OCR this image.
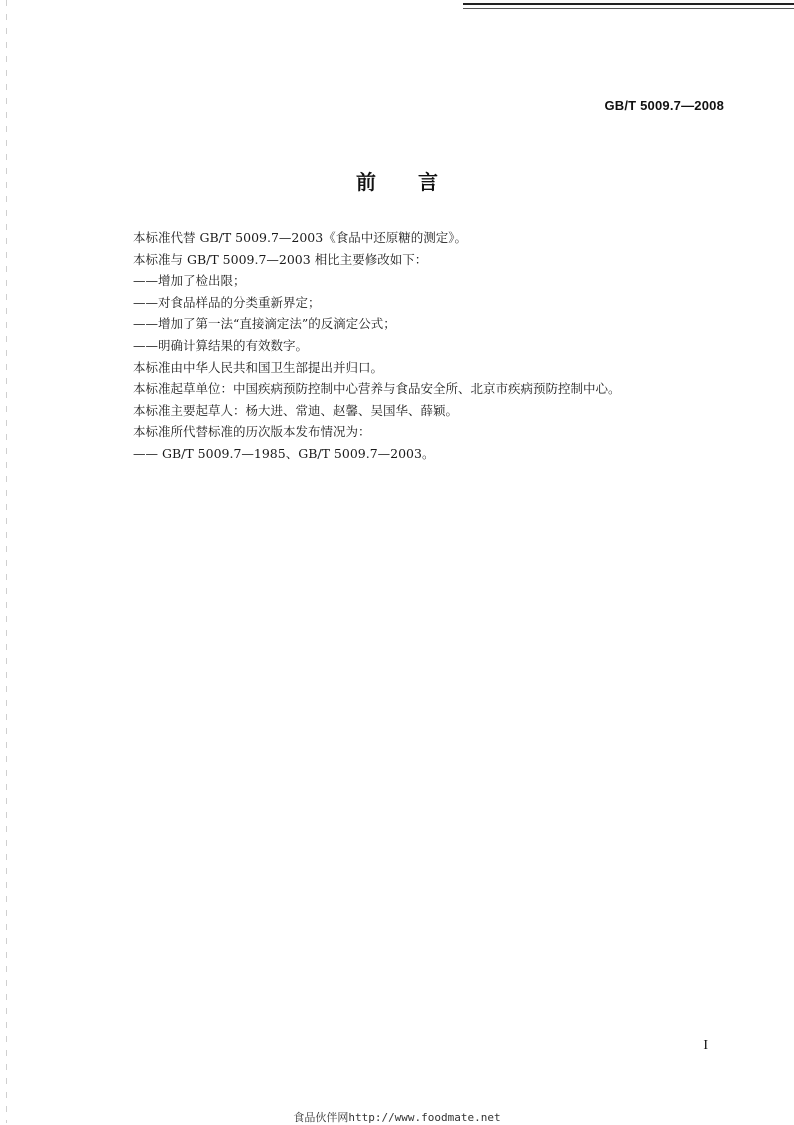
GB/T 5009.7—2008
前 言
本标准代替 GB/T 5009.7—2003《食品中还原糖的测定》。
本标准与 GB/T 5009.7—2003 相比主要修改如下：
——增加了检出限；
——对食品样品的分类重新界定；
——增加了第一法“直接滴定法”的反滴定公式；
——明确计算结果的有效数字。
本标准由中华人民共和国卫生部提出并归口。
本标准起草单位：中国疾病预防控制中心营养与食品安全所、北京市疾病预防控制中心。
本标准主要起草人：杨大进、常迪、赵馨、吴国华、薛颖。
本标准所代替标准的历次版本发布情况为：
—— GB/T 5009.7—1985、GB/T 5009.7—2003。
I
食品伙伴网http://www.foodmate.net
